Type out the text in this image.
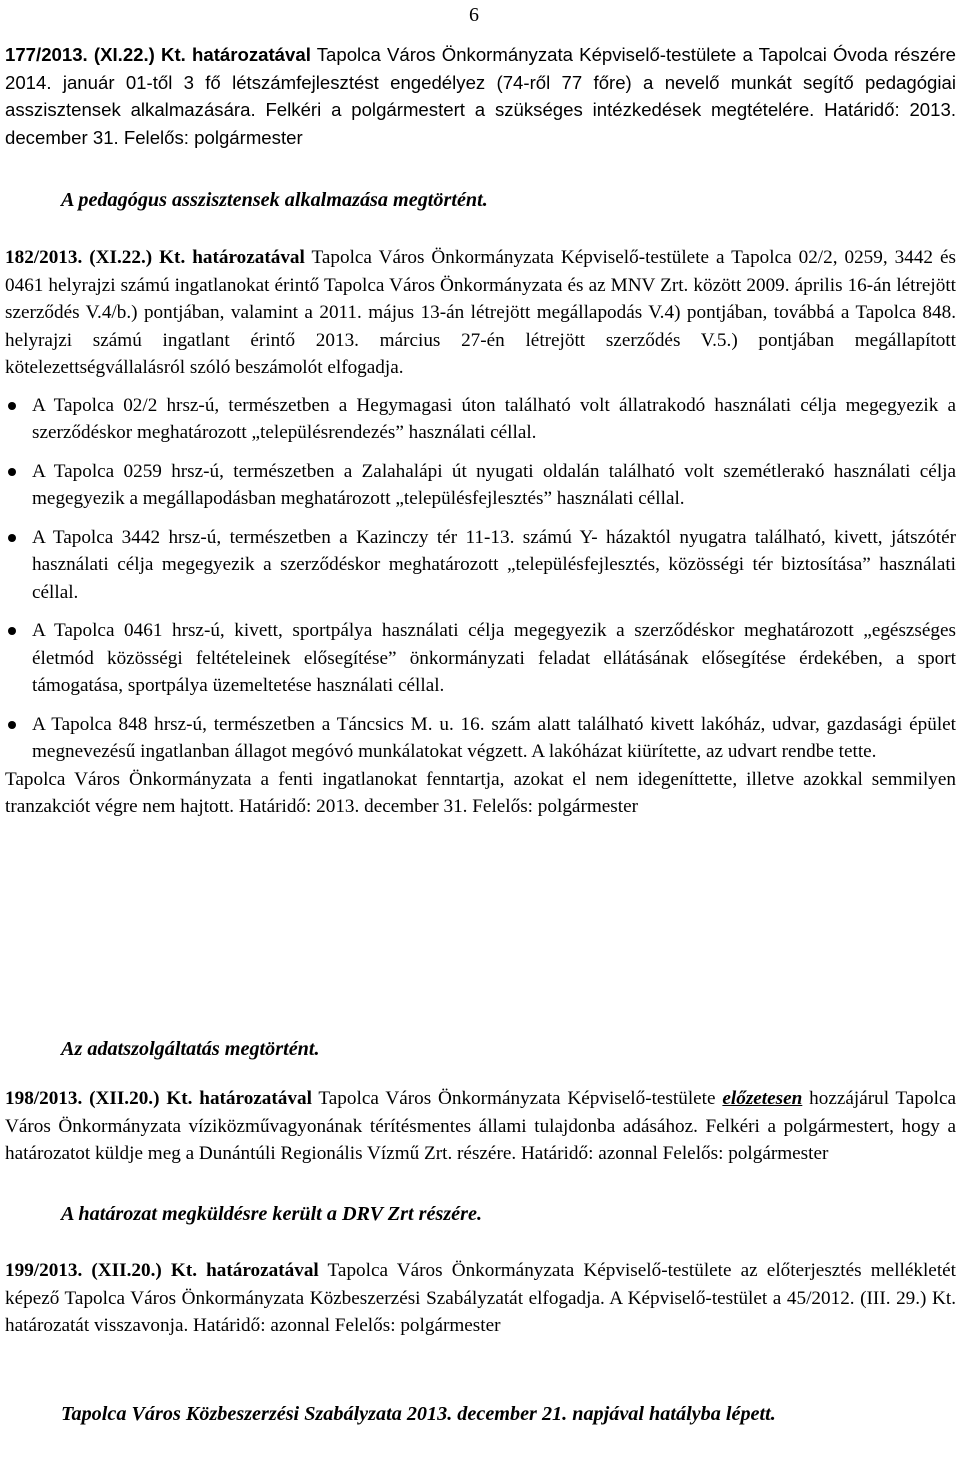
6

177/2013. (XI.22.) Kt. határozatával Tapolca Város Önkormányzata Képviselő-testülete a Tapolcai Óvoda részére 2014. január 01-től 3 fő létszámfejlesztést engedélyez (74-ről 77 főre) a nevelő munkát segítő pedagógiai asszisztensek alkalmazására. Felkéri a polgármestert a szükséges intézkedések megtételére. Határidő: 2013. december 31. Felelős: polgármester

A pedagógus asszisztensek alkalmazása megtörtént.

182/2013. (XI.22.) Kt. határozatával Tapolca Város Önkormányzata Képviselő-testülete a Tapolca 02/2, 0259, 3442 és 0461 helyrajzi számú ingatlanokat érintő Tapolca Város Önkormányzata és az MNV Zrt. között 2009. április 16-án létrejött szerződés V.4/b.) pontjában, valamint a 2011. május 13-án létrejött megállapodás V.4) pontjában, továbbá a Tapolca 848. helyrajzi számú ingatlant érintő 2013. március 27-én létrejött szerződés V.5.) pontjában megállapított kötelezettségvállalásról szóló beszámolót elfogadja.

A Tapolca 02/2 hrsz-ú, természetben a Hegymagasi úton található volt állatrakodó használati célja megegyezik a szerződéskor meghatározott „településrendezés” használati céllal.
A Tapolca 0259 hrsz-ú, természetben a Zalahalápi út nyugati oldalán található volt szemétlerakó használati célja megegyezik a megállapodásban meghatározott „településfejlesztés” használati céllal.
A Tapolca 3442 hrsz-ú, természetben a Kazinczy tér 11-13. számú Y- házaktól nyugatra található, kivett, játszótér használati célja megegyezik a szerződéskor meghatározott „településfejlesztés, közösségi tér biztosítása” használati céllal.
A Tapolca 0461 hrsz-ú, kivett, sportpálya használati célja megegyezik a szerződéskor meghatározott „egészséges életmód közösségi feltételeinek elősegítése” önkormányzati feladat ellátásának elősegítése érdekében, a sport támogatása, sportpálya üzemeltetése használati céllal.
A Tapolca 848 hrsz-ú, természetben a Táncsics M. u. 16. szám alatt található kivett lakóház, udvar, gazdasági épület megnevezésű ingatlanban állagot megóvó munkálatokat végzett. A lakóházat kiürítette, az udvart rendbe tette.

Tapolca Város Önkormányzata a fenti ingatlanokat fenntartja, azokat el nem idegeníttette, illetve azokkal semmilyen tranzakciót végre nem hajtott. Határidő: 2013. december 31. Felelős: polgármester

Az adatszolgáltatás megtörtént.

198/2013. (XII.20.) Kt. határozatával Tapolca Város Önkormányzata Képviselő-testülete előzetesen hozzájárul Tapolca Város Önkormányzata víziközművagyonának térítésmentes állami tulajdonba adásához. Felkéri a polgármestert, hogy a határozatot küldje meg a Dunántúli Regionális Vízmű Zrt. részére. Határidő: azonnal Felelős: polgármester

A határozat megküldésre került a DRV Zrt részére.

199/2013. (XII.20.) Kt. határozatával Tapolca Város Önkormányzata Képviselő-testülete az előterjesztés mellékletét képező Tapolca Város Önkormányzata Közbeszerzési Szabályzatát elfogadja. A Képviselő-testület a 45/2012. (III. 29.) Kt. határozatát visszavonja. Határidő: azonnal Felelős: polgármester

Tapolca Város Közbeszerzési Szabályzata 2013. december 21. napjával hatályba lépett.
